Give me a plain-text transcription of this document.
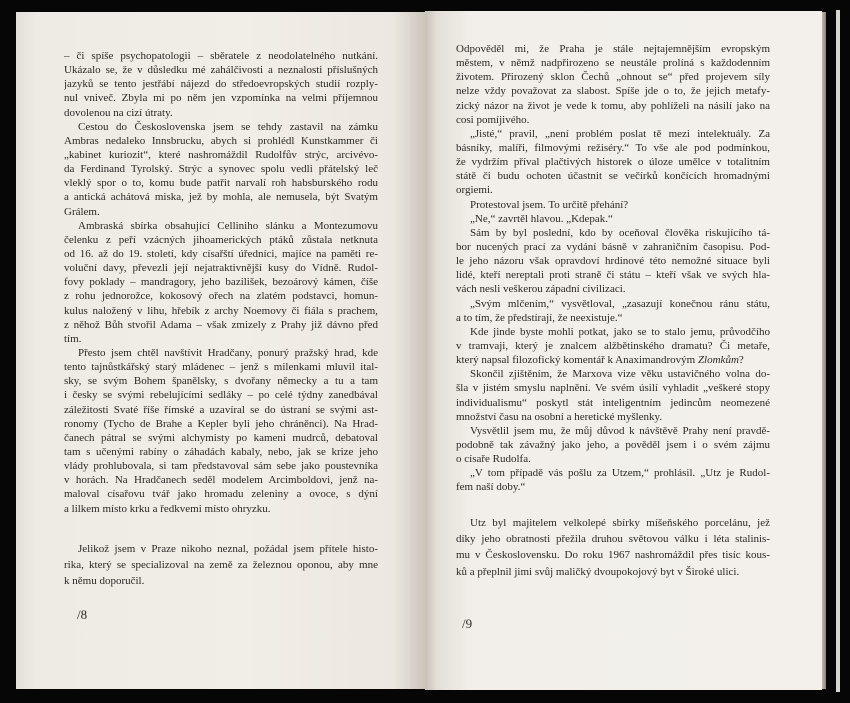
– či spíše psychopatologii – sběratele z neodolatelného nutkání.
Ukázalo se, že v důsledku mé zahálčivosti a neznalosti příslušných
jazyků se tento jestřábí nájezd do středoevropských studií rozply-
nul vniveč. Zbyla mi po něm jen vzpomínka na velmi příjemnou
dovolenou na cizí útraty.
Cestou do Československa jsem se tehdy zastavil na zámku
Ambras nedaleko Innsbrucku, abych si prohlédl Kunstkammer či
„kabinet kuriozit“, které nashromáždil Rudolfův strýc, arcivévo-
da Ferdinand Tyrolský. Strýc a synovec spolu vedli přátelský leč
vleklý spor o to, komu bude patřit narvalí roh habsburského rodu
a antická achátová miska, jež by mohla, ale nemusela, být Svatým
Grálem.
Ambraská sbírka obsahující Celliniho slánku a Montezumovu
čelenku z peří vzácných jihoamerických ptáků zůstala netknuta
od 16. až do 19. století, kdy císařští úředníci, majíce na paměti re-
voluční davy, převezli její nejatraktivnější kusy do Vídně. Rudol-
fovy poklady – mandragory, jeho bazilišek, bezoárový kámen, číše
z rohu jednorožce, kokosový ořech na zlatém podstavci, homun-
kulus naložený v lihu, hřebík z archy Noemovy či fiála s prachem,
z něhož Bůh stvořil Adama – však zmizely z Prahy již dávno před
tím.
Přesto jsem chtěl navštívit Hradčany, ponurý pražský hrad, kde
tento tajnůstkářský starý mládenec – jenž s milenkami mluvil ital-
sky, se svým Bohem španělsky, s dvořany německy a tu a tam
i česky se svými rebelujícími sedláky – po celé týdny zanedbával
záležitosti Svaté říše římské a uzavíral se do ústraní se svými ast-
ronomy (Tycho de Brahe a Kepler byli jeho chráněnci). Na Hrad-
čanech pátral se svými alchymisty po kameni mudrců, debatoval
tam s učenými rabíny o záhadách kabaly, nebo, jak se krize jeho
vlády prohlubovala, si tam představoval sám sebe jako poustevníka
v horách. Na Hradčanech seděl modelem Arcimboldovi, jenž na-
maloval císařovu tvář jako hromadu zeleniny a ovoce, s dýní
a lilkem místo krku a ředkvemi místo ohryzku.
Jelikož jsem v Praze nikoho neznal, požádal jsem přítele histo-
rika, který se specializoval na země za železnou oponou, aby mne
k němu doporučil.
/8
Odpověděl mi, že Praha je stále nejtajemnějším evropským
městem, v němž nadpřirozeno se neustále prolíná s každodenním
životem. Přirozený sklon Čechů „ohnout se“ před projevem síly
nelze vždy považovat za slabost. Spíše jde o to, že jejich metafy-
zický názor na život je vede k tomu, aby pohlíželi na násilí jako na
cosi pomíjivého.
„Jisté,“ pravil, „není problém poslat tě mezi intelektuály. Za
básníky, malíři, filmovými režiséry.“ To vše ale pod podmínkou,
že vydržím příval plačtivých historek o úloze umělce v totalitním
státě či budu ochoten účastnit se večírků končících hromadnými
orgiemi.
Protestoval jsem. To určitě přehání?
„Ne,“ zavrtěl hlavou. „Kdepak.“
Sám by byl poslední, kdo by oceňoval člověka riskujícího tá-
bor nucených prací za vydání básně v zahraničním časopisu. Pod-
le jeho názoru však opravdoví hrdinové této nemožné situace byli
lidé, kteří nereptali proti straně či státu – kteří však ve svých hla-
vách nesli veškerou západní civilizaci.
„Svým mlčením,“ vysvětloval, „zasazují konečnou ránu státu,
a to tím, že předstírají, že neexistuje.“
Kde jinde byste mohli potkat, jako se to stalo jemu, průvodčího
v tramvaji, který je znalcem alžbětinského dramatu? Či metaře,
který napsal filozofický komentář k Anaximandrovým Zlomkům?
Skončil zjištěním, že Marxova vize věku ustavičného volna do-
šla v jistém smyslu naplnění. Ve svém úsilí vyhladit „veškeré stopy
individualismu“ poskytl stát inteligentním jedincům neomezené
množství času na osobní a heretické myšlenky.
Vysvětlil jsem mu, že můj důvod k návštěvě Prahy není pravdě-
podobně tak závažný jako jeho, a pověděl jsem i o svém zájmu
o císaře Rudolfa.
„V tom případě vás pošlu za Utzem,“ prohlásil. „Utz je Rudol-
fem naší doby.“
Utz byl majitelem velkolepé sbírky míšeňského porcelánu, jež
díky jeho obratnosti přežila druhou světovou válku i léta stalinis-
mu v Československu. Do roku 1967 nashromáždil přes tisíc kous-
ků a přeplnil jimi svůj maličký dvoupokojový byt v Široké ulici.
/9
